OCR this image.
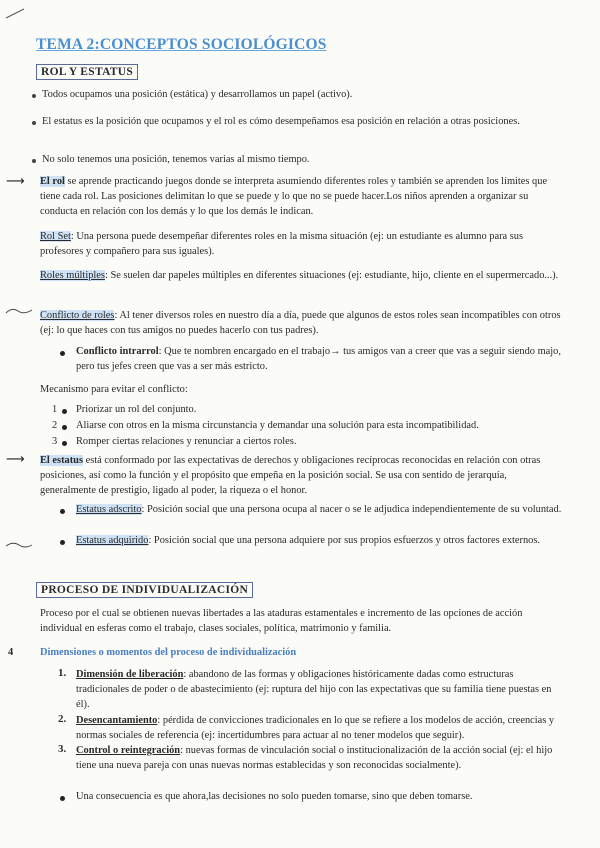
TEMA 2:CONCEPTOS SOCIOLÓGICOS
ROL Y ESTATUS
Todos ocupamos una posición (estática) y desarrollamos un papel (activo).
El estatus es la posición que ocupamos y el rol es cómo desempeñamos esa posición en relación a otras posiciones.
No solo tenemos una posición, tenemos varias al mismo tiempo.
⟶ El rol se aprende practicando juegos donde se interpreta asumiendo diferentes roles y también se aprenden los límites que tiene cada rol. Las posiciones delimitan lo que se puede y lo que no se puede hacer.Los niños aprenden a organizar su conducta en relación con los demás y lo que los demás le indican.
Rol Set: Una persona puede desempeñar diferentes roles en la misma situación (ej: un estudiante es alumno para sus profesores y compañero para sus iguales).
Roles múltiples: Se suelen dar papeles múltiples en diferentes situaciones (ej: estudiante, hijo, cliente en el supermercado...).
Conflicto de roles: Al tener diversos roles en nuestro día a día, puede que algunos de estos roles sean incompatibles con otros (ej: lo que haces con tus amigos no puedes hacerlo con tus padres).
Conflicto intrarrol: Que te nombren encargado en el trabajo→ tus amigos van a creer que vas a seguir siendo majo, pero tus jefes creen que vas a ser más estricto.
Mecanismo para evitar el conflicto:
1 Priorizar un rol del conjunto.
2 Aliarse con otros en la misma circunstancia y demandar una solución para esta incompatibilidad.
3 Romper ciertas relaciones y renunciar a ciertos roles.
⟶ El estatus está conformado por las expectativas de derechos y obligaciones recíprocas reconocidas en relación con otras posiciones, así como la función y el propósito que empeña en la posición social. Se usa con sentido de jerarquía, generalmente de prestigio, ligado al poder, la riqueza o el honor.
Estatus adscrito: Posición social que una persona ocupa al nacer o se le adjudica independientemente de su voluntad.
Estatus adquirido: Posición social que una persona adquiere por sus propios esfuerzos y otros factores externos.
PROCESO DE INDIVIDUALIZACIÓN
Proceso por el cual se obtienen nuevas libertades a las ataduras estamentales e incremento de las opciones de acción individual en esferas como el trabajo, clases sociales, política, matrimonio y familia.
4	Dimensiones o momentos del proceso de individualización
1. Dimensión de liberación: abandono de las formas y obligaciones históricamente dadas como estructuras tradicionales de poder o de abastecimiento (ej: ruptura del hijo con las expectativas que su familia tiene puestas en él).
2. Desencantamiento: pérdida de convicciones tradicionales en lo que se refiere a los modelos de acción, creencias y normas sociales de referencia (ej: incertidumbres para actuar al no tener modelos que seguir).
3. Control o reintegración: nuevas formas de vinculación social o institucionalización de la acción social (ej: el hijo tiene una nueva pareja con unas nuevas normas establecidas y son reconocidas socialmente).
Una consecuencia es que ahora,las decisiones no solo pueden tomarse, sino que deben tomarse.
